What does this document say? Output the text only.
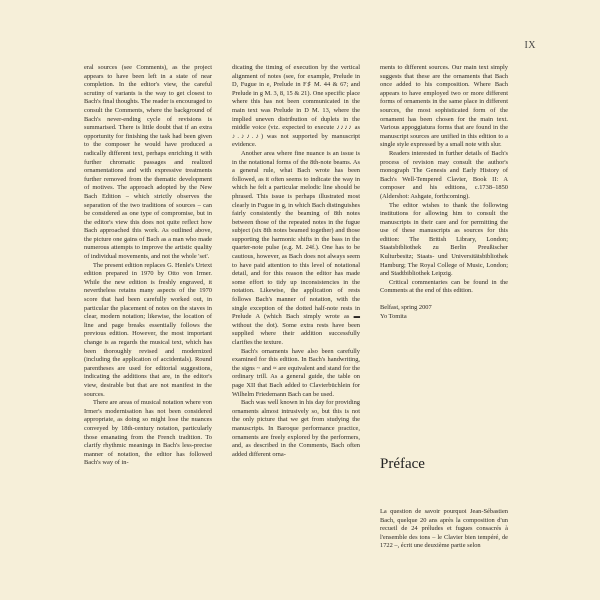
IX

eral sources (see Comments), as the project appears to have been left in a state of near completion. In the editor's view, the careful scrutiny of variants is the way to get closest to Bach's final thoughts. The reader is encouraged to consult the Comments, where the background of Bach's never-ending cycle of revisions is summarised. There is little doubt that if an extra opportunity for finishing the task had been given to the composer he would have produced a radically different text, perhaps enriching it with further chromatic passages and realized ornamentations and with expressive treatments further removed from the thematic development of motives. The approach adopted by the New Bach Edition – which strictly observes the separation of the two traditions of sources – can be considered as one type of compromise, but in the editor's view this does not quite reflect how Bach approached this work. As outlined above, the picture one gains of Bach as a man who made numerous attempts to improve the artistic quality of individual movements, and not the whole 'set'.

The present edition replaces G. Henle's Urtext edition prepared in 1970 by Otto von Irmer. While the new edition is freshly engraved, it nevertheless retains many aspects of the 1970 score that had been carefully worked out, in particular the placement of notes on the staves in clear, modern notation; likewise, the location of line and page breaks essentially follows the previous edition. However, the most important change is as regards the musical text, which has been thoroughly revised and modernized (including the application of accidentals). Round parentheses are used for editorial suggestions, indicating the additions that are, in the editor's view, desirable but that are not manifest in the sources.

There are areas of musical notation where von Irmer's modernisation has not been considered appropriate, as doing so might lose the nuances conveyed by 18th-century notation, particularly those emanating from the French tradition. To clarify rhythmic meanings in Bach's less-precise manner of notation, the editor has followed Bach's way of in-

dicating the timing of execution by the vertical alignment of notes (see, for example, Prelude in D, Fugue in e, Prelude in F♯ M. 44 & 67; and Prelude in g M. 3, 8, 15 & 21). One specific place where this has not been communicated in the main text was Prelude in D M. 13, where the implied uneven distribution of duplets in the middle voice (viz. expected to execute ♪♪♪♪ as ♪.♪♪.♪) was not supported by manuscript evidence.

Another area where fine nuance is an issue is in the notational forms of the 8th-note beams. As a general rule, what Bach wrote has been followed, as it often seems to indicate the way in which he felt a particular melodic line should be phrased. This issue is perhaps illustrated most clearly in Fugue in g, in which Bach distinguishes fairly consistently the beaming of 8th notes between those of the repeated notes in the fugue subject (six 8th notes beamed together) and those supporting the harmonic shifts in the bass in the quarter-note pulse (e.g. M. 24f.). One has to be cautious, however, as Bach does not always seem to have paid attention to this level of notational detail, and for this reason the editor has made some effort to tidy up inconsistencies in the notation. Likewise, the application of rests follows Bach's manner of notation, with the single exception of the dotted half-note rests in Prelude A (which Bach simply wrote as ▬ without the dot). Some extra rests have been supplied where their addition successfully clarifies the texture.

Bach's ornaments have also been carefully examined for this edition. In Bach's handwriting, the signs ~ and ≈ are equivalent and stand for the ordinary trill. As a general guide, the table on page XII that Bach added to Clavierbüchlein for Wilhelm Friedemann Bach can be used.

Bach was well known in his day for providing ornaments almost intrusively so, but this is not the only picture that we get from studying the manuscripts. In Baroque performance practice, ornaments are freely explored by the performers, and, as described in the Comments, Bach often added different orna-

ments to different sources. Our main text simply suggests that these are the ornaments that Bach once added to his composition. Where Bach appears to have employed two or more different forms of ornaments in the same place in different sources, the most sophisticated form of the ornament has been chosen for the main text. Various appoggiatura forms that are found in the manuscript sources are unified in this edition to a single style expressed by a small note with slur.

Readers interested in further details of Bach's process of revision may consult the author's monograph The Genesis and Early History of Bach's Well-Tempered Clavier, Book II: A composer and his editions, c.1738–1850 (Aldershot: Ashgate, forthcoming).

The editor wishes to thank the following institutions for allowing him to consult the manuscripts in their care and for permitting the use of these manuscripts as sources for this edition: The British Library, London; Staatsbibliothek zu Berlin Preußischer Kulturbesitz; Staats- und Universitätsbibliothek Hamburg; The Royal College of Music, London; and Stadtbibliothek Leipzig.

Critical commentaries can be found in the Comments at the end of this edition.

Belfast, spring 2007
Yo Tomita

Préface

La question de savoir pourquoi Jean-Sébastien Bach, quelque 20 ans après la composition d'un recueil de 24 préludes et fugues consacrés à l'ensemble des tons – le Clavier bien tempéré, de 1722 –, écrit une deuxième partie selon
